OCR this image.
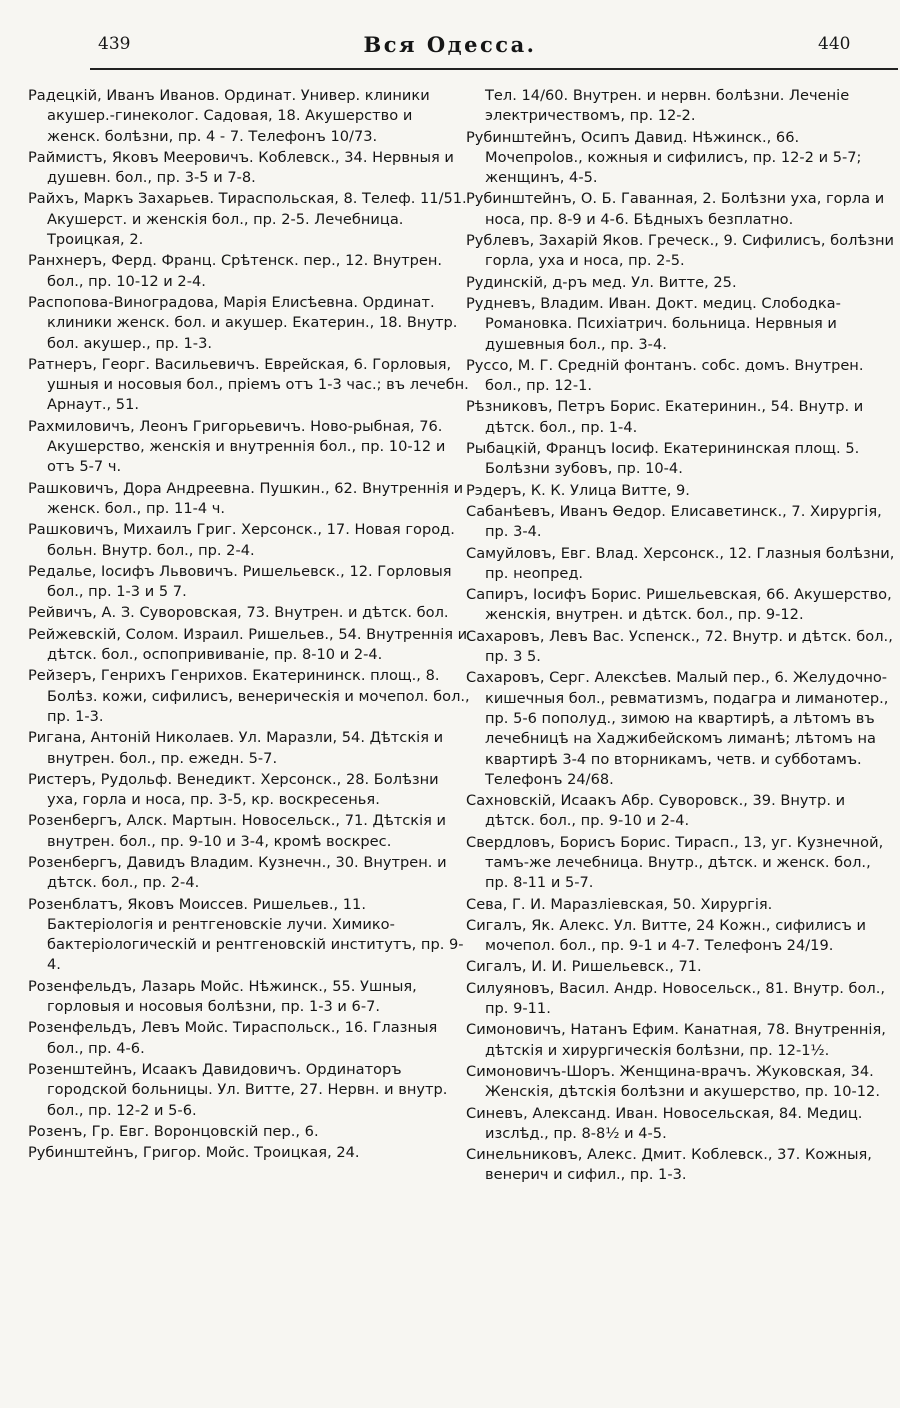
439	Вся Одесса.	440

Радецкій, Иванъ Иванов. Ординат. Универ. клиники акушер.-гинеколог. Садовая, 18. Акушерство и женск. болѣзни, пр. 4 - 7. Телефонъ 10/73.

Раймистъ, Яковъ Мееровичъ. Коблевск., 34. Нервныя и душевн. бол., пр. 3-5 и 7-8.

Райхъ, Маркъ Захарьев. Тираспольская, 8. Телеф. 11/51. Акушерст. и женскія бол., пр. 2-5. Лечебница. Троицкая, 2.

Ранхнеръ, Ферд. Франц. Срѣтенск. пер., 12. Внутрен. бол., пр. 10-12 и 2-4.

Распопова-Виноградова, Марія Елисѣевна. Ординат. клиники женск. бол. и акушер. Екатерин., 18. Внутр. бол. акушер., пр. 1-3.

Ратнеръ, Георг. Васильевичъ. Еврейская, 6. Горловыя, ушныя и носовыя бол., пріемъ отъ 1-3 час.; въ лечебн. Арнаут., 51.

Рахмиловичъ, Леонъ Григорьевичъ. Ново-рыбная, 76. Акушерство, женскія и внутреннія бол., пр. 10-12 и отъ 5-7 ч.

Рашковичъ, Дора Андреевна. Пушкин., 62. Внутреннія и женск. бол., пр. 11-4 ч.

Рашковичъ, Михаилъ Григ. Херсонск., 17. Новая город. больн. Внутр. бол., пр. 2-4.

Редалье, Іосифъ Львовичъ. Ришельевск., 12. Горловыя бол., пр. 1-3 и 5 7.

Рейвичъ, А. З. Суворовская, 73. Внутрен. и дѣтск. бол.

Рейжевскій, Солом. Израил. Ришельев., 54. Внутреннія и дѣтск. бол., оспопрививаніе, пр. 8-10 и 2-4.

Рейзеръ, Генрихъ Генрихов. Екатерининск. площ., 8. Болѣз. кожи, сифилисъ, венерическія и мочепол. бол., пр. 1-3.

Ригана, Антоній Николаев. Ул. Маразли, 54. Дѣтскія и внутрен. бол., пр. ежедн. 5-7.

Ристеръ, Рудольф. Венедикт. Херсонск., 28. Болѣзни уха, горла и носа, пр. 3-5, кр. воскресенья.

Розенбергъ, Алск. Мартын. Новосельск., 71. Дѣтскія и внутрен. бол., пр. 9-10 и 3-4, кромѣ воскрес.

Розенбергъ, Давидъ Владим. Кузнечн., 30. Внутрен. и дѣтск. бол., пр. 2-4.

Розенблатъ, Яковъ Моиссев. Ришельев., 11. Бактеріологія и рентгеновскіе лучи. Химико-бактеріологическій и рентгеновскій институтъ, пр. 9-4.

Розенфельдъ, Лазарь Мойс. Нѣжинск., 55. Ушныя, горловыя и носовыя болѣзни, пр. 1-3 и 6-7.

Розенфельдъ, Левъ Мойс. Тираспольск., 16. Глазныя бол., пр. 4-6.

Розенштейнъ, Исаакъ Давидовичъ. Ординаторъ городской больницы. Ул. Витте, 27. Нервн. и внутр. бол., пр. 12-2 и 5-6.

Розенъ, Гр. Евг. Воронцовскій пер., 6.

Рубинштейнъ, Григор. Мойс. Троицкая, 24.

Тел. 14/60. Внутрен. и нервн. болѣзни. Леченіе электричествомъ, пр. 12-2.

Рубинштейнъ, Осипъ Давид. Нѣжинск., 66. Мочепpolов., кожныя и сифилисъ, пр. 12-2 и 5-7; женщинъ, 4-5.

Рубинштейнъ, О. Б. Гаванная, 2. Болѣзни уха, горла и носа, пр. 8-9 и 4-6. Бѣдныхъ безплатно.

Рублевъ, Захарій Яков. Греческ., 9. Сифилисъ, болѣзни горла, уха и носа, пр. 2-5.

Рудинскій, д-ръ мед. Ул. Витте, 25.

Рудневъ, Владим. Иван. Докт. медиц. Слободка-Романовка. Психіатрич. больница. Нервныя и душевныя бол., пр. 3-4.

Руссо, М. Г. Средній фонтанъ. собс. домъ. Внутрен. бол., пр. 12-1.

Рѣзниковъ, Петръ Борис. Екатеринин., 54. Внутр. и дѣтск. бол., пр. 1-4.

Рыбацкій, Францъ Іосиф. Екатерининская площ. 5. Болѣзни зубовъ, пр. 10-4.

Рэдеръ, К. К. Улица Витте, 9.

Сабанѣевъ, Иванъ Өедор. Елисаветинск., 7. Хирургія, пр. 3-4.

Самуйловъ, Евг. Влад. Херсонск., 12. Глазныя болѣзни, пр. неопред.

Сапиръ, Іосифъ Борис. Ришельевская, 66. Акушерство, женскія, внутрен. и дѣтск. бол., пр. 9-12.

Сахаровъ, Левъ Вас. Успенск., 72. Внутр. и дѣтск. бол., пр. 3 5.

Сахаровъ, Серг. Алексѣев. Малый пер., 6. Желудочно-кишечныя бол., ревматизмъ, подагра и лиманотер., пр. 5-6 пополуд., зимою на квартирѣ, а лѣтомъ въ лечебницѣ на Хаджибейскомъ лиманѣ; лѣтомъ на квартирѣ 3-4 по вторникамъ, четв. и субботамъ. Телефонъ 24/68.

Сахновскій, Исаакъ Абр. Суворовск., 39. Внутр. и дѣтск. бол., пр. 9-10 и 2-4.

Свердловъ, Борисъ Борис. Тирасп., 13, уг. Кузнечной, тамъ-же лечебница. Внутр., дѣтск. и женск. бол., пр. 8-11 и 5-7.

Сева, Г. И. Маразліевская, 50. Хирургія.

Сигалъ, Як. Алекс. Ул. Витте, 24 Кожн., сифилисъ и мочепол. бол., пр. 9-1 и 4-7. Телефонъ 24/19.

Сигалъ, И. И. Ришельевск., 71.

Силуяновъ, Васил. Андр. Новосельск., 81. Внутр. бол., пр. 9-11.

Симоновичъ, Натанъ Ефим. Канатная, 78. Внутреннія, дѣтскія и хирургическія болѣзни, пр. 12-1½.

Симоновичъ-Шоръ. Женщина-врачъ. Жуковская, 34. Женскія, дѣтскія болѣзни и акушерство, пр. 10-12.

Синевъ, Александ. Иван. Новосельская, 84. Медиц. изслѣд., пр. 8-8½ и 4-5.

Синельниковъ, Алекс. Дмит. Коблевск., 37. Кожныя, венерич и сифил., пр. 1-3.
